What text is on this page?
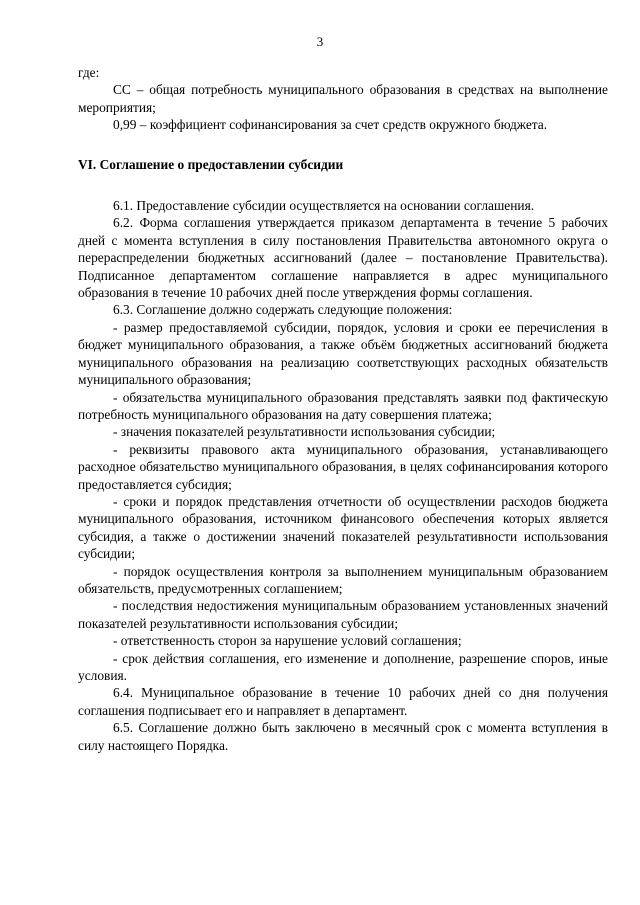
3

где:

СС – общая потребность муниципального образования в средствах на выполнение мероприятия;

0,99 – коэффициент софинансирования за счет средств окружного бюджета.

VI. Соглашение о предоставлении субсидии

6.1. Предоставление субсидии осуществляется на основании соглашения.

6.2. Форма соглашения утверждается приказом департамента в течение 5 рабочих дней с момента вступления в силу постановления Правительства автономного округа о перераспределении бюджетных ассигнований (далее – постановление Правительства). Подписанное департаментом соглашение направляется в адрес муниципального образования в течение 10 рабочих дней после утверждения формы соглашения.

6.3. Соглашение должно содержать следующие положения:

- размер предоставляемой субсидии, порядок, условия и сроки ее перечисления в бюджет муниципального образования, а также объём бюджетных ассигнований бюджета муниципального образования на реализацию соответствующих расходных обязательств муниципального образования;

- обязательства муниципального образования представлять заявки под фактическую потребность муниципального образования на дату совершения платежа;

- значения показателей результативности использования субсидии;

- реквизиты правового акта муниципального образования, устанавливающего расходное обязательство муниципального образования, в целях софинансирования которого предоставляется субсидия;

- сроки и порядок представления отчетности об осуществлении расходов бюджета муниципального образования, источником финансового обеспечения которых является субсидия, а также о достижении значений показателей результативности использования субсидии;

- порядок осуществления контроля за выполнением муниципальным образованием обязательств, предусмотренных соглашением;

- последствия недостижения муниципальным образованием установленных значений показателей результативности использования субсидии;

- ответственность сторон за нарушение условий соглашения;

- срок действия соглашения, его изменение и дополнение, разрешение споров, иные условия.

6.4. Муниципальное образование в течение 10 рабочих дней со дня получения соглашения подписывает его и направляет в департамент.

6.5. Соглашение должно быть заключено в месячный срок с момента вступления в силу настоящего Порядка.
